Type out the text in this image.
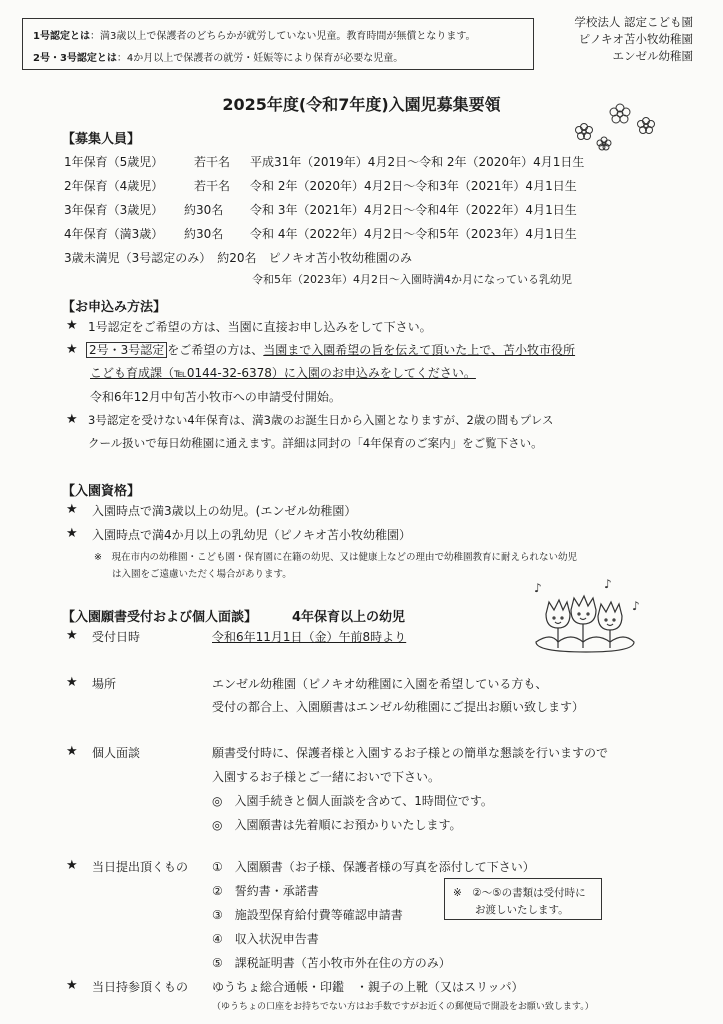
1号認定とは：満3歳以上で保護者のどちらかが就労していない児童。教育時間が無償となります。
2号・3号認定とは：4か月以上で保護者の就労・妊娠等により保育が必要な児童。
学校法人 認定こども園
ピノキオ苫小牧幼稚園
エンゼル幼稚園
2025年度(令和7年度)入園児募集要領
【募集人員】
1年保育（5歳児）	若干名 平成31年（2019年）4月2日～令和 2年（2020年）4月1日生
2年保育（4歳児）	若干名 令和 2年（2020年）4月2日～令和3年（2021年）4月1日生
3年保育（3歳児） 約30名 令和 3年（2021年）4月2日～令和4年（2022年）4月1日生
4年保育（満3歳） 約30名 令和 4年（2022年）4月2日～令和5年（2023年）4月1日生
3歳未満児（3号認定のみ）　約20名　ピノキオ苫小牧幼稚園のみ
令和5年（2023年）4月2日～入園時満4か月になっている乳幼児
【お申込み方法】
★ 1号認定をご希望の方は、当園に直接お申し込みをして下さい。
★ 2号・3号認定 をご希望の方は、当園まで入園希望の旨を伝えて頂いた上で、苫小牧市役所
こども育成課（℡0144-32-6378）に入園のお申込みをしてください。
令和6年12月中旬苫小牧市への申請受付開始。
★ 3号認定を受けない4年保育は、満3歳のお誕生日から入園となりますが、2歳の間もプレス
クール扱いで毎日幼稚園に通えます。詳細は同封の「4年保育のご案内」をご覧下さい。
【入園資格】
★ 入園時点で満3歳以上の幼児。(エンゼル幼稚園）
★ 入園時点で満4か月以上の乳幼児（ピノキオ苫小牧幼稚園）
※　現在市内の幼稚園・こども園・保育園に在籍の幼児、又は健康上などの理由で幼稚園教育に耐えられない幼児
は入園をご遠慮いただく場合があります。
♪	♪
♪
【入園願書受付および個人面談】	4年保育以上の幼児
★ 受付日時	令和6年11月1日（金）午前8時より
★ 場所	エンゼル幼稚園（ピノキオ幼稚園に入園を希望している方も、
受付の都合上、入園願書はエンゼル幼稚園にご提出お願い致します）
★ 個人面談	願書受付時に、保護者様と入園するお子様との簡単な懇談を行いますので
入園するお子様とご一緒においで下さい。
◎　入園手続きと個人面談を含めて、1時間位です。
◎　入園願書は先着順にお預かりいたします。
★ 当日提出頂くもの ①　入園願書（お子様、保護者様の写真を添付して下さい）
②　誓約書・承諾書
③　施設型保育給付費等確認申請書
④　収入状況申告書
⑤　課税証明書（苫小牧市外在住の方のみ）
※　②～⑤の書類は受付時に
お渡しいたします。
★ 当日持参頂くもの ゆうちょ総合通帳・印鑑　・親子の上靴（又はスリッパ）
（ゆうちょの口座をお持ちでない方はお手数ですがお近くの郵便局で開設をお願い致します。）
